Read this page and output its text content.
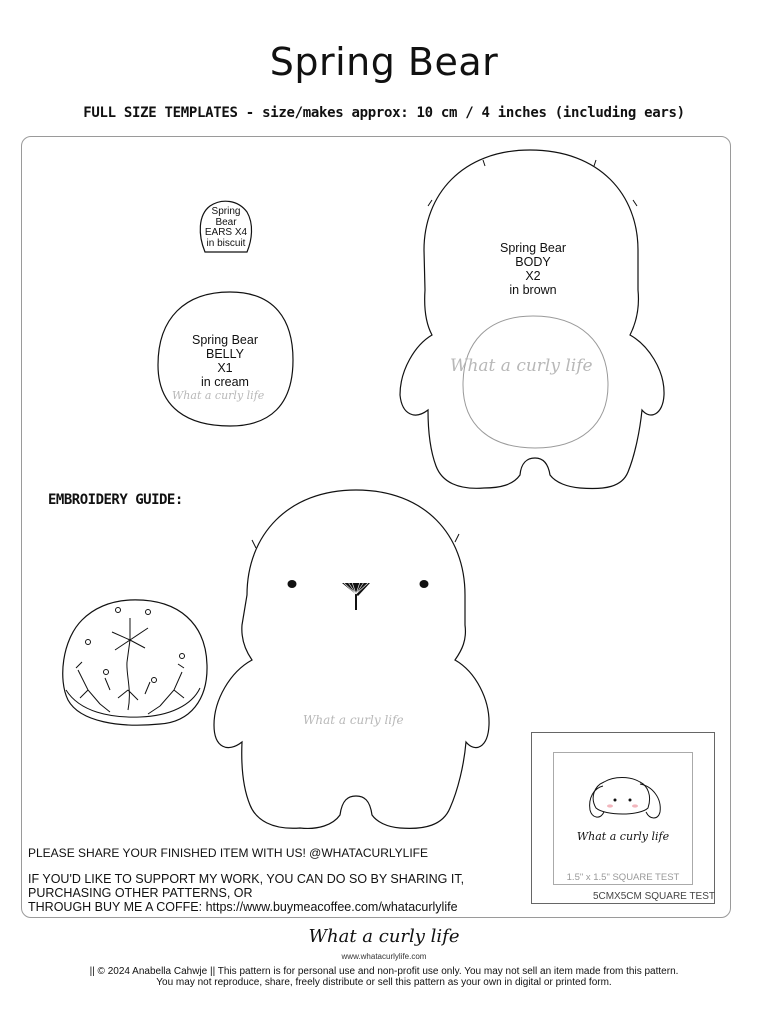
Spring Bear
FULL SIZE TEMPLATES - size/makes approx: 10 cm / 4 inches (including ears)
Spring
Bear
EARS X4
in biscuit
Spring Bear
BELLY
X1
in cream
What a curly life
Spring Bear
BODY
X2
in brown
What a curly life
EMBROIDERY GUIDE:
What a curly life
PLEASE SHARE YOUR FINISHED ITEM WITH US! @WHATACURLYLIFE
IF YOU'D LIKE TO SUPPORT MY WORK, YOU CAN DO SO BY SHARING IT,
PURCHASING OTHER PATTERNS, OR
THROUGH BUY ME A COFFE: https://www.buymeacoffee.com/whatacurlylife
What a curly life
1.5" x 1.5" SQUARE TEST
5CMX5CM SQUARE TEST
What a curly life
www.whatacurlylife.com
|| © 2024 Anabella Cahwje || This pattern is for personal use and non-profit use only. You may not sell an item made from this pattern.
You may not reproduce, share, freely distribute or sell this pattern as your own in digital or printed form.
